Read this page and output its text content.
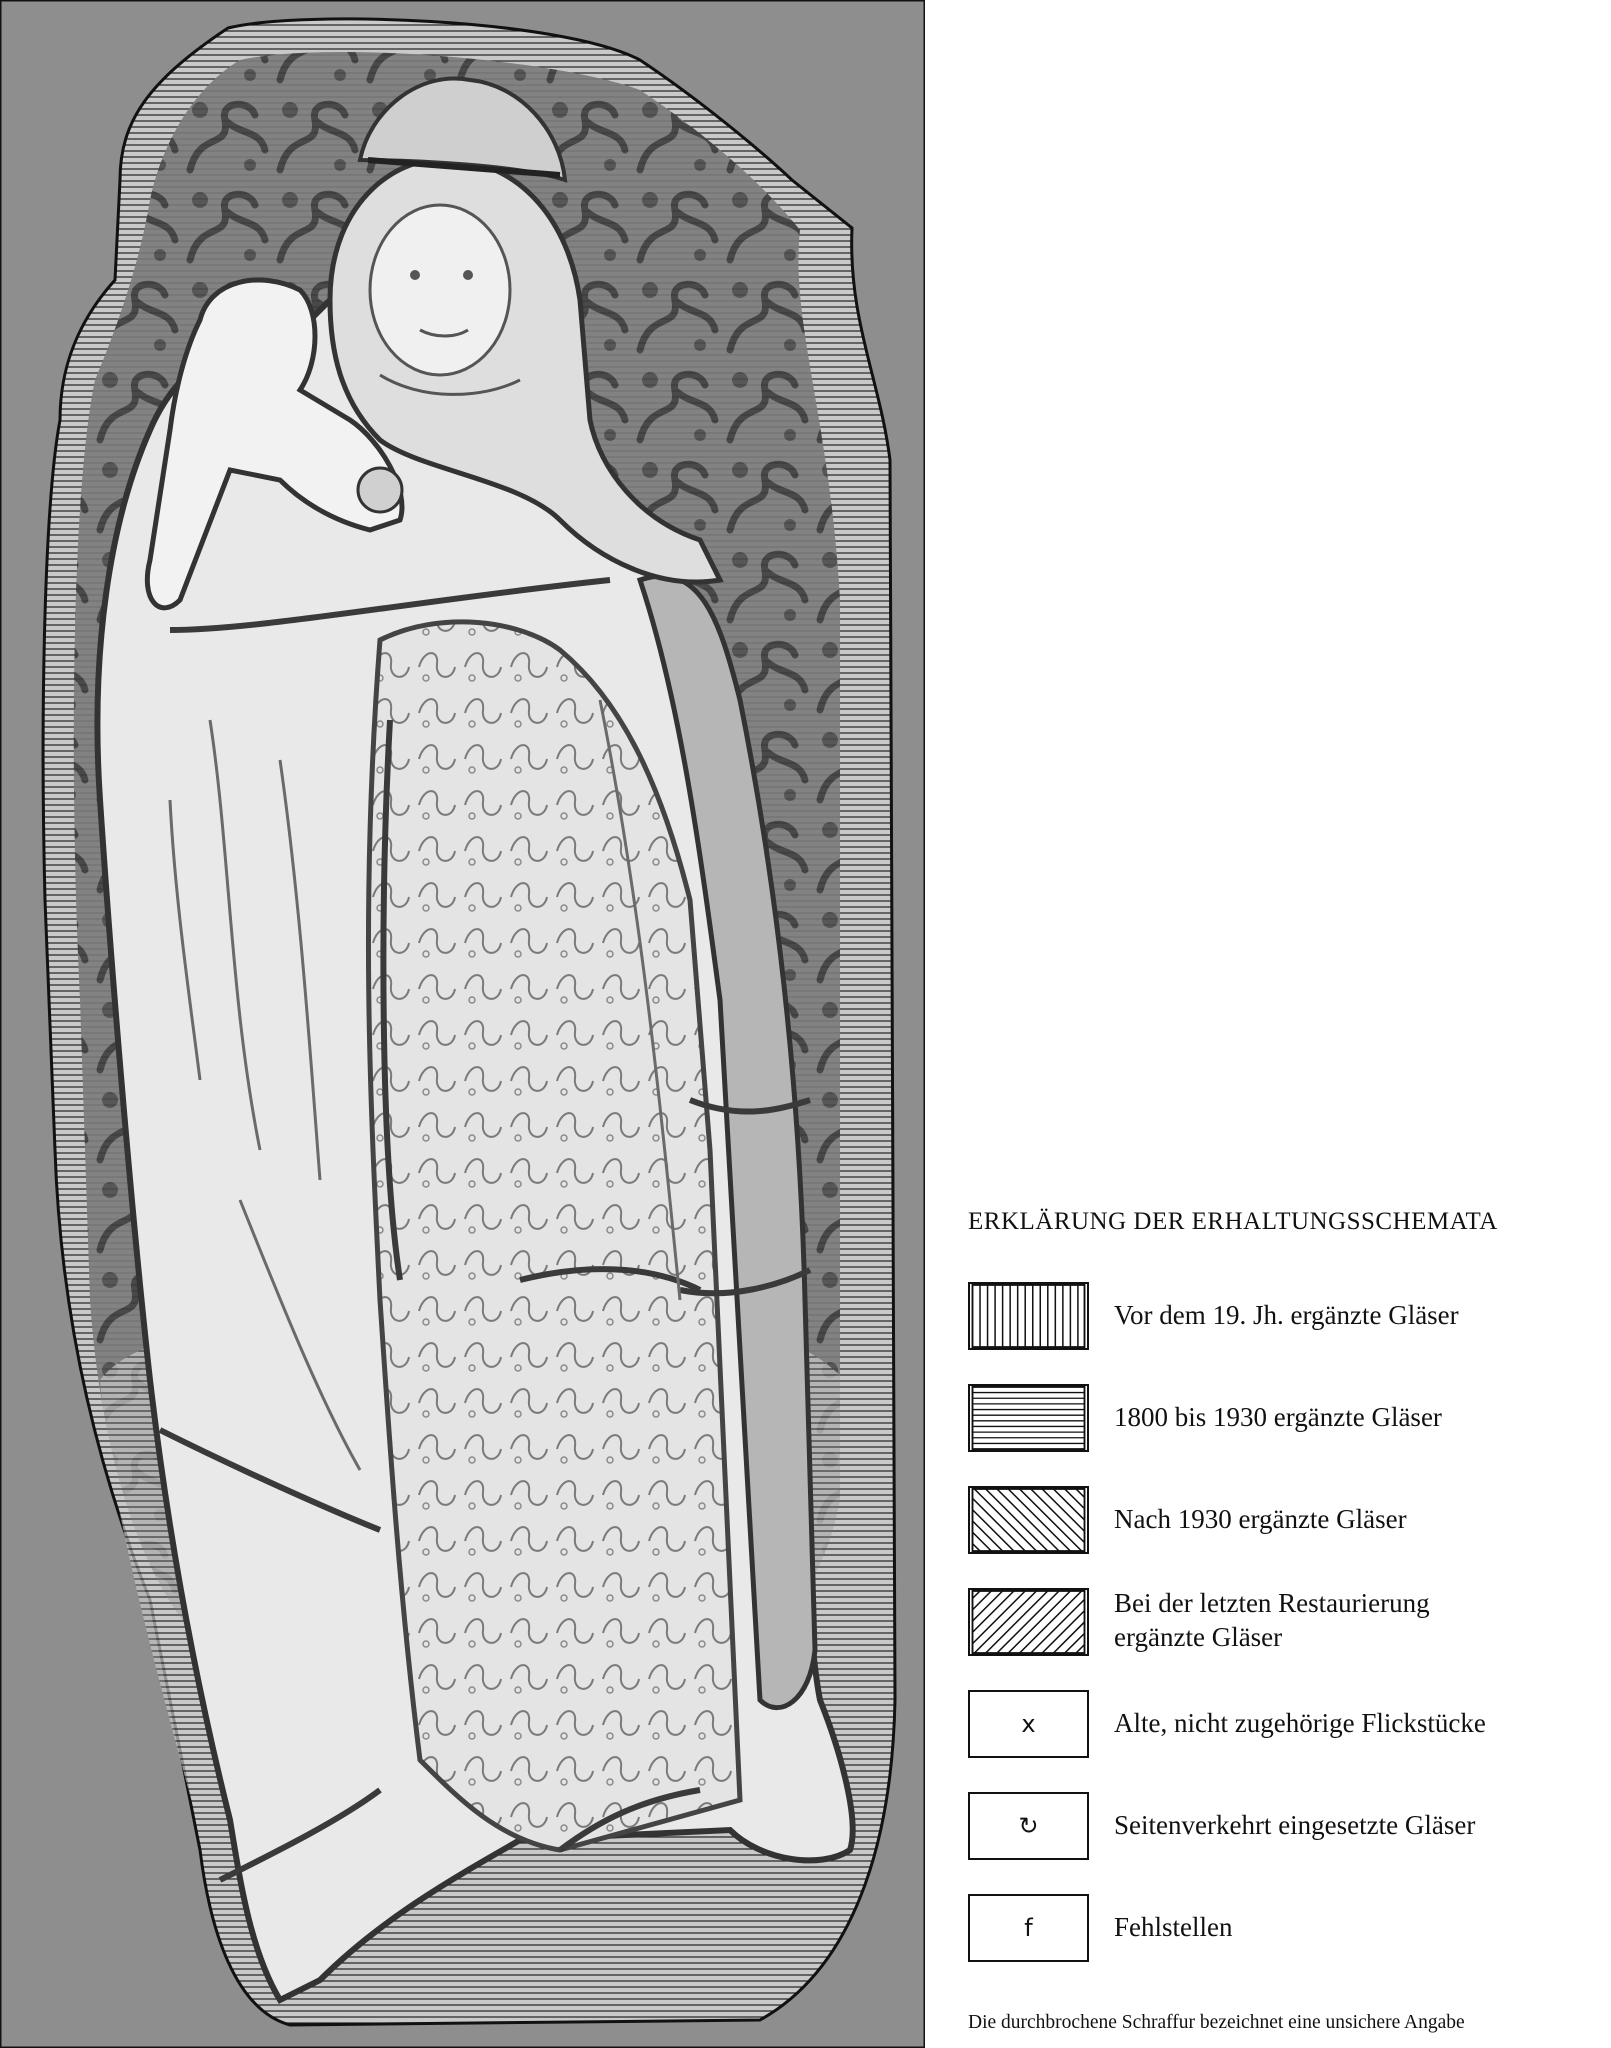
ERKLÄRUNG DER ERHALTUNGSSCHEMATA
Vor dem 19. Jh. ergänzte Gläser
1800 bis 1930 ergänzte Gläser
Nach 1930 ergänzte Gläser
Bei der letzten Restaurierung
ergänzte Gläser
x	Alte, nicht zugehörige Flickstücke
↻	Seitenverkehrt eingesetzte Gläser
f	Fehlstellen
Die durchbrochene Schraffur bezeichnet eine unsichere Angabe
